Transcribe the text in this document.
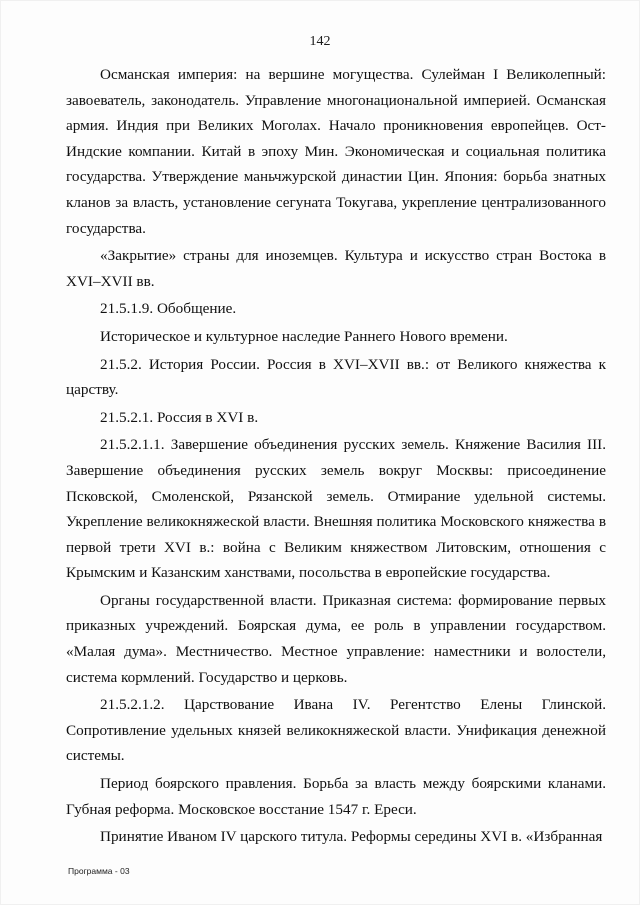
142

Османская империя: на вершине могущества. Сулейман I Великолепный: завоеватель, законодатель. Управление многонациональной империей. Османская армия. Индия при Великих Моголах. Начало проникновения европейцев. Ост-Индские компании. Китай в эпоху Мин. Экономическая и социальная политика государства. Утверждение маньчжурской династии Цин. Япония: борьба знатных кланов за власть, установление сегуната Токугава, укрепление централизованного государства.

«Закрытие» страны для иноземцев. Культура и искусство стран Востока в XVI–XVII вв.

21.5.1.9. Обобщение.

Историческое и культурное наследие Раннего Нового времени.

21.5.2. История России. Россия в XVI–XVII вв.: от Великого княжества к царству.

21.5.2.1. Россия в XVI в.

21.5.2.1.1. Завершение объединения русских земель. Княжение Василия III. Завершение объединения русских земель вокруг Москвы: присоединение Псковской, Смоленской, Рязанской земель. Отмирание удельной системы. Укрепление великокняжеской власти. Внешняя политика Московского княжества в первой трети XVI в.: война с Великим княжеством Литовским, отношения с Крымским и Казанским ханствами, посольства в европейские государства.

Органы государственной власти. Приказная система: формирование первых приказных учреждений. Боярская дума, ее роль в управлении государством. «Малая дума». Местничество. Местное управление: наместники и волостели, система кормлений. Государство и церковь.

21.5.2.1.2. Царствование Ивана IV. Регентство Елены Глинской. Сопротивление удельных князей великокняжеской власти. Унификация денежной системы.

Период боярского правления. Борьба за власть между боярскими кланами. Губная реформа. Московское восстание 1547 г. Ереси.

Принятие Иваном IV царского титула. Реформы середины XVI в. «Избранная

Программа - 03
